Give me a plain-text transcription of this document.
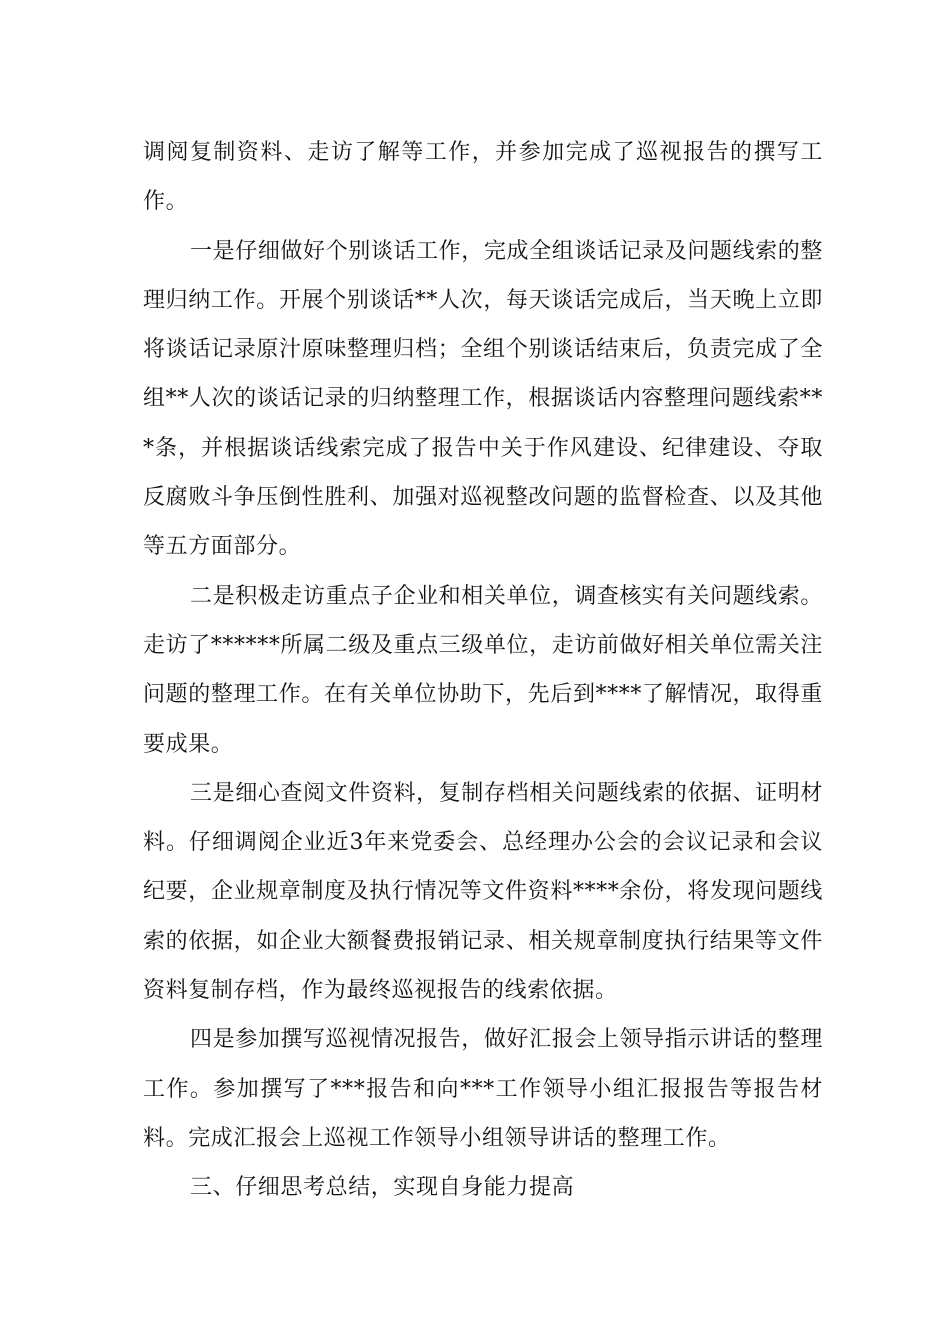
调阅复制资料、走访了解等工作，并参加完成了巡视报告的撰写工作。

一是仔细做好个别谈话工作，完成全组谈话记录及问题线索的整理归纳工作。开展个别谈话**人次，每天谈话完成后，当天晚上立即将谈话记录原汁原味整理归档；全组个别谈话结束后，负责完成了全组**人次的谈话记录的归纳整理工作，根据谈话内容整理问题线索***条，并根据谈话线索完成了报告中关于作风建设、纪律建设、夺取反腐败斗争压倒性胜利、加强对巡视整改问题的监督检查、以及其他等五方面部分。

二是积极走访重点子企业和相关单位，调查核实有关问题线索。走访了******所属二级及重点三级单位，走访前做好相关单位需关注问题的整理工作。在有关单位协助下，先后到****了解情况，取得重要成果。

三是细心查阅文件资料，复制存档相关问题线索的依据、证明材料。仔细调阅企业近3年来党委会、总经理办公会的会议记录和会议纪要，企业规章制度及执行情况等文件资料****余份，将发现问题线索的依据，如企业大额餐费报销记录、相关规章制度执行结果等文件资料复制存档，作为最终巡视报告的线索依据。

四是参加撰写巡视情况报告，做好汇报会上领导指示讲话的整理工作。参加撰写了***报告和向***工作领导小组汇报报告等报告材料。完成汇报会上巡视工作领导小组领导讲话的整理工作。

三、仔细思考总结，实现自身能力提高
